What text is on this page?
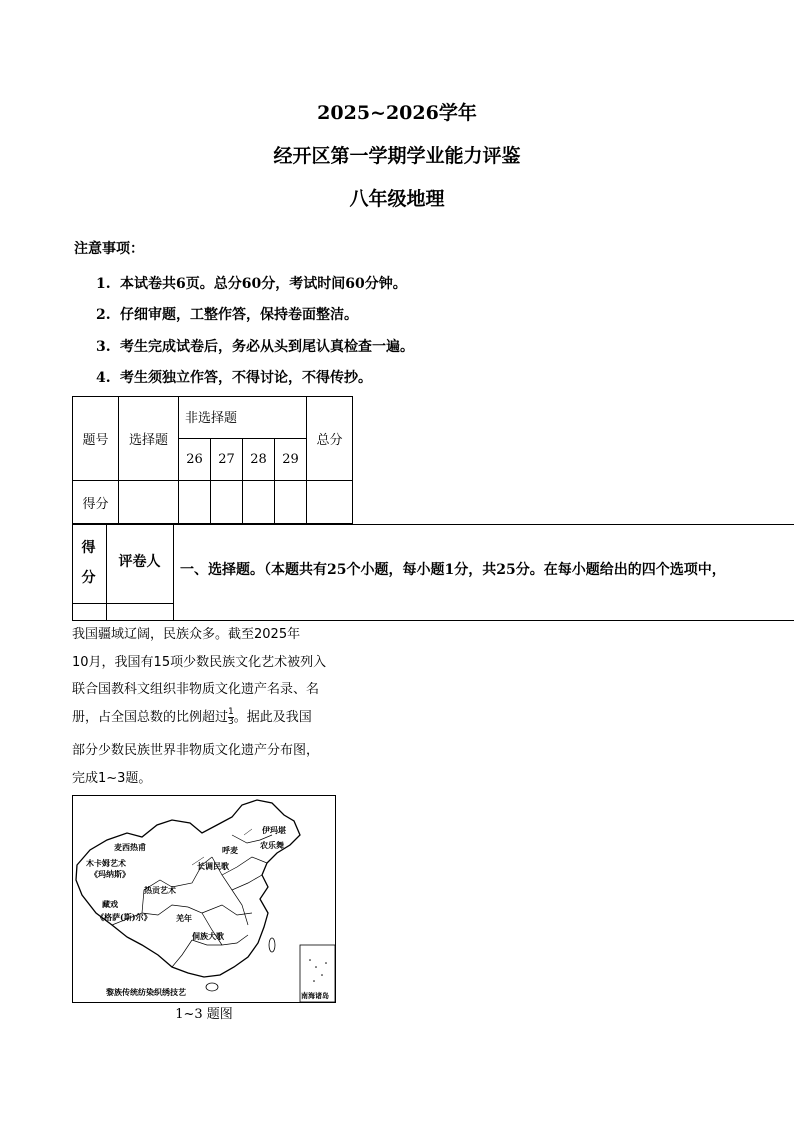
2025~2026学年
经开区第一学期学业能力评鉴
八年级地理
注意事项：
1. 本试卷共6页。总分60分，考试时间60分钟。
2. 仔细审题，工整作答，保持卷面整洁。
3. 考生完成试卷后，务必从头到尾认真检查一遍。
4. 考生须独立作答，不得讨论，不得传抄。
题号	选择题	非选择题				总分
		26	27	28	29	
得分						
得
分
评卷人	一、选择题。（本题共有25个小题，每小题1分，共25分。在每小题给出的四个选项中，
我国疆域辽阔，民族众多。截至2025年
10月，我国有15项少数民族文化艺术被列入
联合国教科文组织非物质文化遗产名录、名
册，占全国总数的比例超过 $\frac{1}{3}$ 。据此及我国
部分少数民族世界非物质文化遗产分布图，
完成1~3题。
麦西热甫
木卡姆艺术
《玛纳斯》
热贡艺术
藏戏
《格萨(斯)尔》	羌年
呼麦
长调民歌
伊玛堪
农乐舞
侗族大歌
黎族传统纺染织绣技艺	南海诸岛
1~3 题图
